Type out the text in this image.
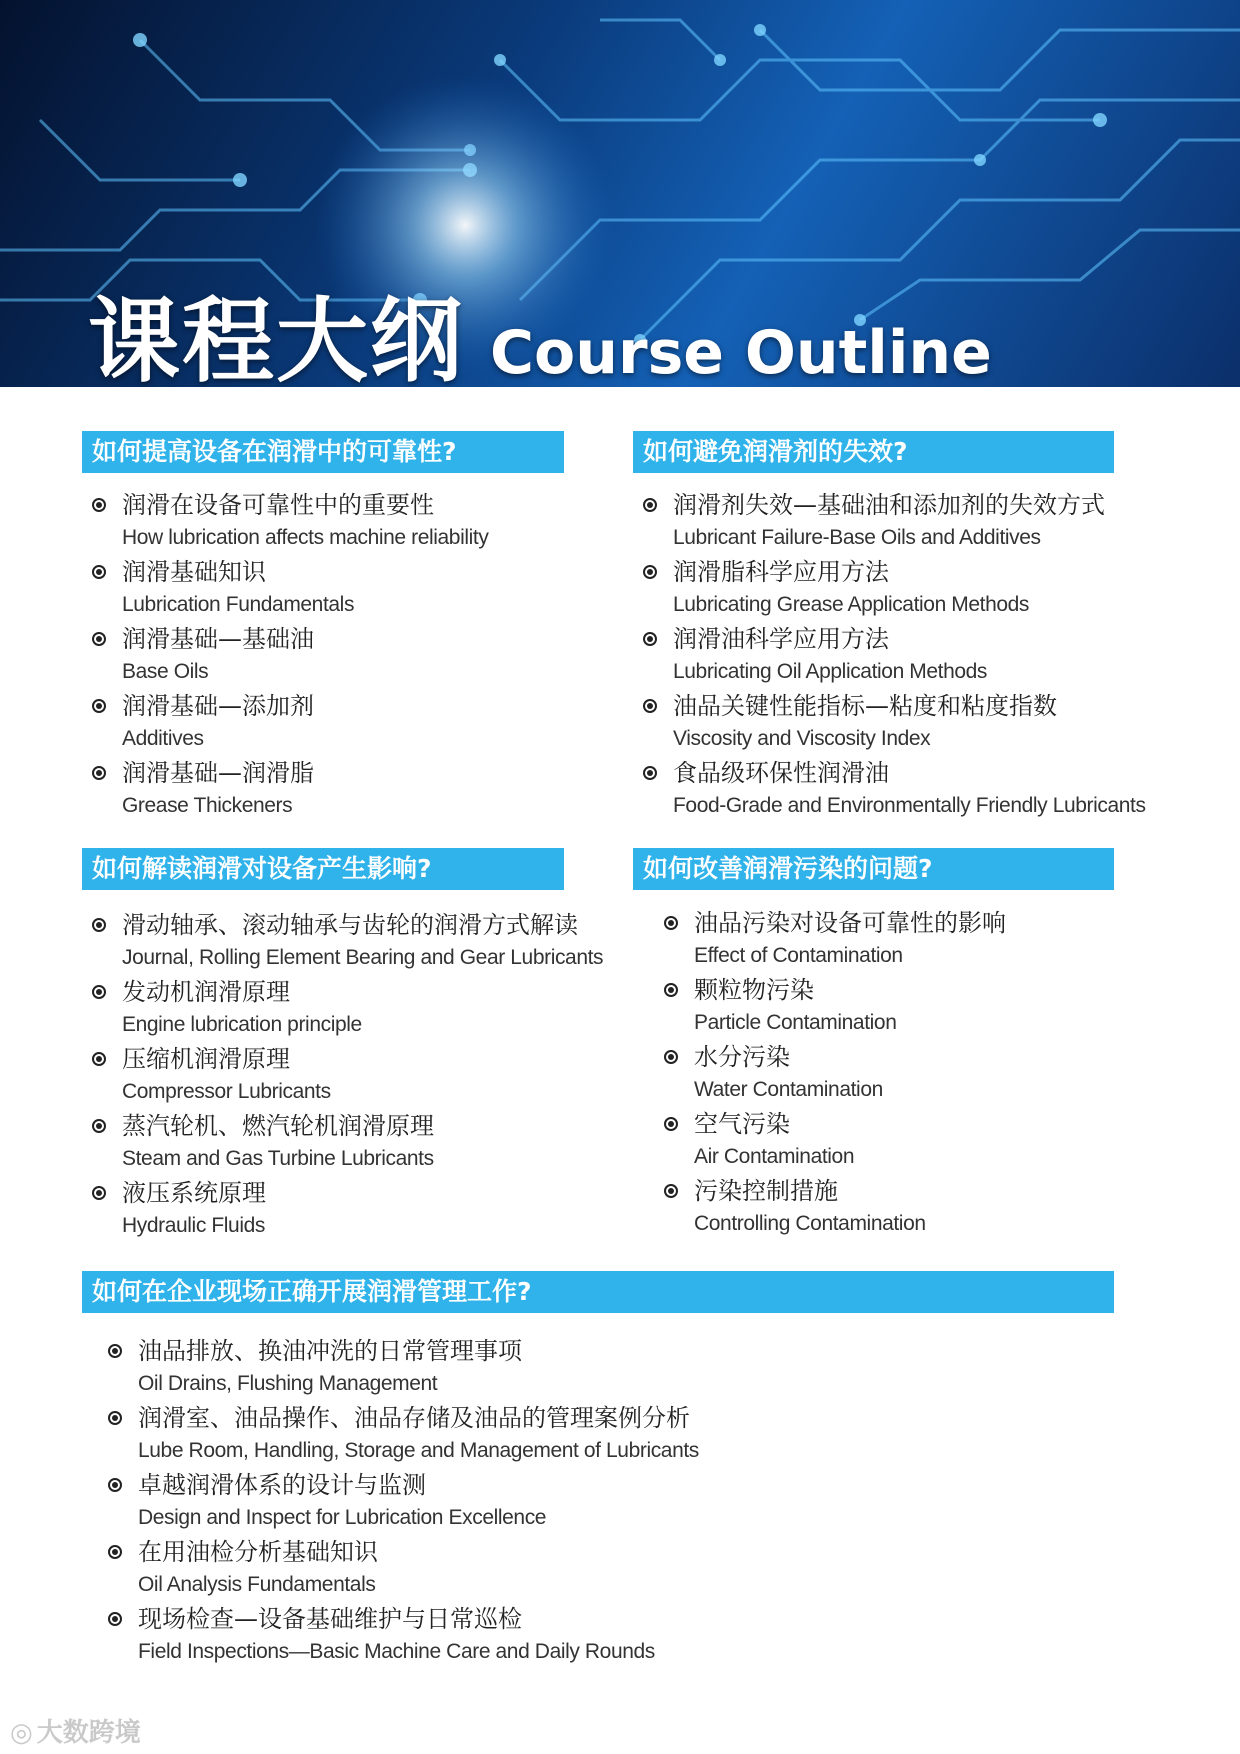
课程大纲 Course Outline
如何提高设备在润滑中的可靠性?
润滑在设备可靠性中的重要性
How lubrication affects machine reliability
润滑基础知识
Lubrication Fundamentals
润滑基础—基础油
Base Oils
润滑基础—添加剂
Additives
润滑基础—润滑脂
Grease Thickeners
如何避免润滑剂的失效?
润滑剂失效—基础油和添加剂的失效方式
Lubricant Failure-Base Oils and Additives
润滑脂科学应用方法
Lubricating Grease Application Methods
润滑油科学应用方法
Lubricating Oil Application Methods
油品关键性能指标—粘度和粘度指数
Viscosity and Viscosity Index
食品级环保性润滑油
Food-Grade and Environmentally Friendly Lubricants
如何解读润滑对设备产生影响?
滑动轴承、滚动轴承与齿轮的润滑方式解读
Journal, Rolling Element Bearing and Gear Lubricants
发动机润滑原理
Engine lubrication principle
压缩机润滑原理
Compressor Lubricants
蒸汽轮机、燃汽轮机润滑原理
Steam and Gas Turbine Lubricants
液压系统原理
Hydraulic Fluids
如何改善润滑污染的问题?
油品污染对设备可靠性的影响
Effect of Contamination
颗粒物污染
Particle Contamination
水分污染
Water Contamination
空气污染
Air Contamination
污染控制措施
Controlling Contamination
如何在企业现场正确开展润滑管理工作?
油品排放、换油冲洗的日常管理事项
Oil Drains, Flushing Management
润滑室、油品操作、油品存储及油品的管理案例分析
Lube Room, Handling, Storage and Management of Lubricants
卓越润滑体系的设计与监测
Design and Inspect for Lubrication Excellence
在用油检分析基础知识
Oil Analysis Fundamentals
现场检查—设备基础维护与日常巡检
Field Inspections—Basic Machine Care and Daily Rounds
◎ 大数跨境
